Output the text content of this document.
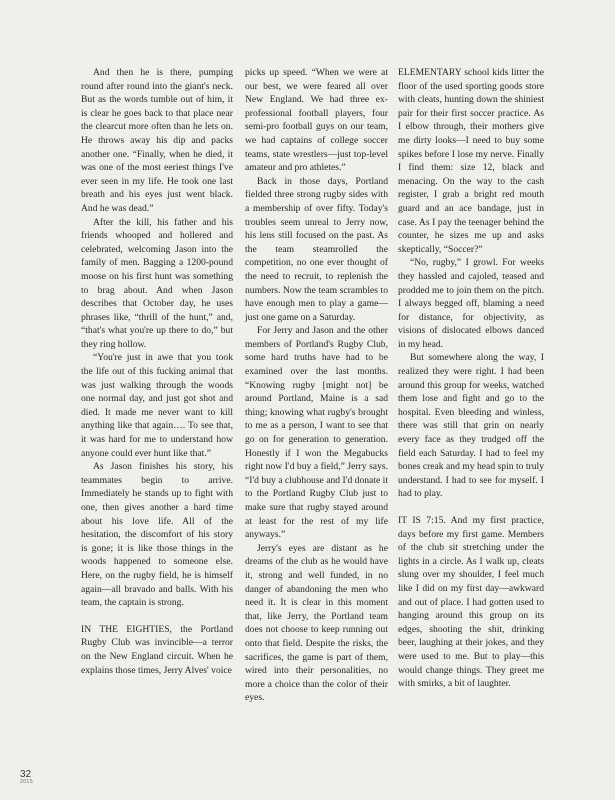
And then he is there, pumping round after round into the giant's neck. But as the words tumble out of him, it is clear he goes back to that place near the clearcut more often than he lets on. He throws away his dip and packs another one. “Finally, when he died, it was one of the most eeriest things I've ever seen in my life. He took one last breath and his eyes just went black. And he was dead.”

After the kill, his father and his friends whooped and hollered and celebrated, welcoming Jason into the family of men. Bagging a 1200-pound moose on his first hunt was something to brag about. And when Jason describes that October day, he uses phrases like, “thrill of the hunt,” and, “that's what you're up there to do,” but they ring hollow.

“You're just in awe that you took the life out of this fucking animal that was just walking through the woods one normal day, and just got shot and died. It made me never want to kill anything like that again…. To see that, it was hard for me to understand how anyone could ever hunt like that.”

As Jason finishes his story, his teammates begin to arrive. Immediately he stands up to fight with one, then gives another a hard time about his love life. All of the hesitation, the discomfort of his story is gone; it is like those things in the woods happened to someone else. Here, on the rugby field, he is himself again—all bravado and balls. With his team, the captain is strong.

IN THE EIGHTIES, the Portland Rugby Club was invincible—a terror on the New England circuit. When he explains those times, Jerry Alves' voice

picks up speed. “When we were at our best, we were feared all over New England. We had three ex-professional football players, four semi-pro football guys on our team, we had captains of college soccer teams, state wrestlers—just top-level amateur and pro athletes.”

Back in those days, Portland fielded three strong rugby sides with a membership of over fifty. Today's troubles seem unreal to Jerry now, his lens still focused on the past. As the team steamrolled the competition, no one ever thought of the need to recruit, to replenish the numbers. Now the team scrambles to have enough men to play a game—just one game on a Saturday.

For Jerry and Jason and the other members of Portland's Rugby Club, some hard truths have had to be examined over the last months. “Knowing rugby [might not] be around Portland, Maine is a sad thing; knowing what rugby's brought to me as a person, I want to see that go on for generation to generation. Honestly if I won the Megabucks right now I'd buy a field,” Jerry says. “I'd buy a clubhouse and I'd donate it to the Portland Rugby Club just to make sure that rugby stayed around at least for the rest of my life anyways.”

Jerry's eyes are distant as he dreams of the club as he would have it, strong and well funded, in no danger of abandoning the men who need it. It is clear in this moment that, like Jerry, the Portland team does not choose to keep running out onto that field. Despite the risks, the sacrifices, the game is part of them, wired into their personalities, no more a choice than the color of their eyes.

ELEMENTARY school kids litter the floor of the used sporting goods store with cleats, hunting down the shiniest pair for their first soccer practice. As I elbow through, their mothers give me dirty looks—I need to buy some spikes before I lose my nerve. Finally I find them: size 12, black and menacing. On the way to the cash register, I grab a bright red mouth guard and an ace bandage, just in case. As I pay the teenager behind the counter, he sizes me up and asks skeptically, “Soccer?”

“No, rugby,” I growl. For weeks they hassled and cajoled, teased and prodded me to join them on the pitch. I always begged off, blaming a need for distance, for objectivity, as visions of dislocated elbows danced in my head.

But somewhere along the way, I realized they were right. I had been around this group for weeks, watched them lose and fight and go to the hospital. Even bleeding and winless, there was still that grin on nearly every face as they trudged off the field each Saturday. I had to feel my bones creak and my head spin to truly understand. I had to see for myself. I had to play.

IT IS 7:15. And my first practice, days before my first game. Members of the club sit stretching under the lights in a circle. As I walk up, cleats slung over my shoulder, I feel much like I did on my first day—awkward and out of place. I had gotten used to hanging around this group on its edges, shooting the shit, drinking beer, laughing at their jokes, and they were used to me. But to play—this would change things. They greet me with smirks, a bit of laughter.

32
2015
